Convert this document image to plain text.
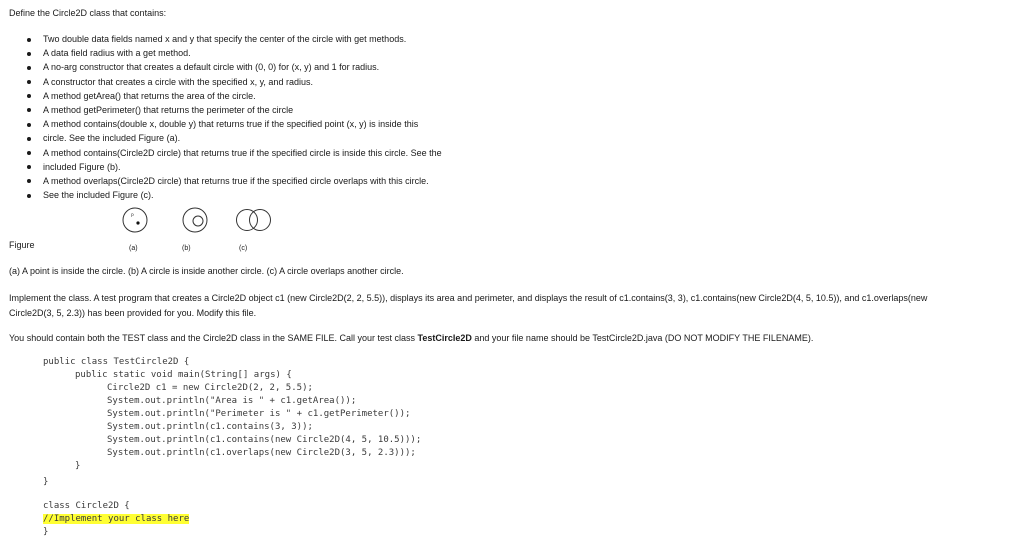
Define the Circle2D class that contains:
Two double data fields named x and y that specify the center of the circle with get methods.
A data field radius with a get method.
A no-arg constructor that creates a default circle with (0, 0) for (x, y) and 1 for radius.
A constructor that creates a circle with the specified x, y, and radius.
A method getArea() that returns the area of the circle.
A method getPerimeter() that returns the perimeter of the circle
A method contains(double x, double y) that returns true if the specified point (x, y) is inside this
circle. See the included Figure (a).
A method contains(Circle2D circle) that returns true if the specified circle is inside this circle. See the
included Figure (b).
A method overlaps(Circle2D circle) that returns true if the specified circle overlaps with this circle.
See the included Figure (c).
P
Figure	(a)	(b)	(c)
(a) A point is inside the circle. (b) A circle is inside another circle. (c) A circle overlaps another circle.
Implement the class. A test program that creates a Circle2D object c1 (new Circle2D(2, 2, 5.5)), displays its area and perimeter, and displays the result of c1.contains(3, 3), c1.contains(new Circle2D(4, 5, 10.5)), and c1.overlaps(new
Circle2D(3, 5, 2.3)) has been provided for you. Modify this file.
You should contain both the TEST class and the Circle2D class in the SAME FILE. Call your test class TestCircle2D and your file name should be TestCircle2D.java (DO NOT MODIFY THE FILENAME).
public class TestCircle2D {
public static void main(String[] args) {
Circle2D c1 = new Circle2D(2, 2, 5.5);
System.out.println("Area is " + c1.getArea());
System.out.println("Perimeter is " + c1.getPerimeter());
System.out.println(c1.contains(3, 3));
System.out.println(c1.contains(new Circle2D(4, 5, 10.5)));
System.out.println(c1.overlaps(new Circle2D(3, 5, 2.3)));
}
}
class Circle2D {
//Implement your class here
}
